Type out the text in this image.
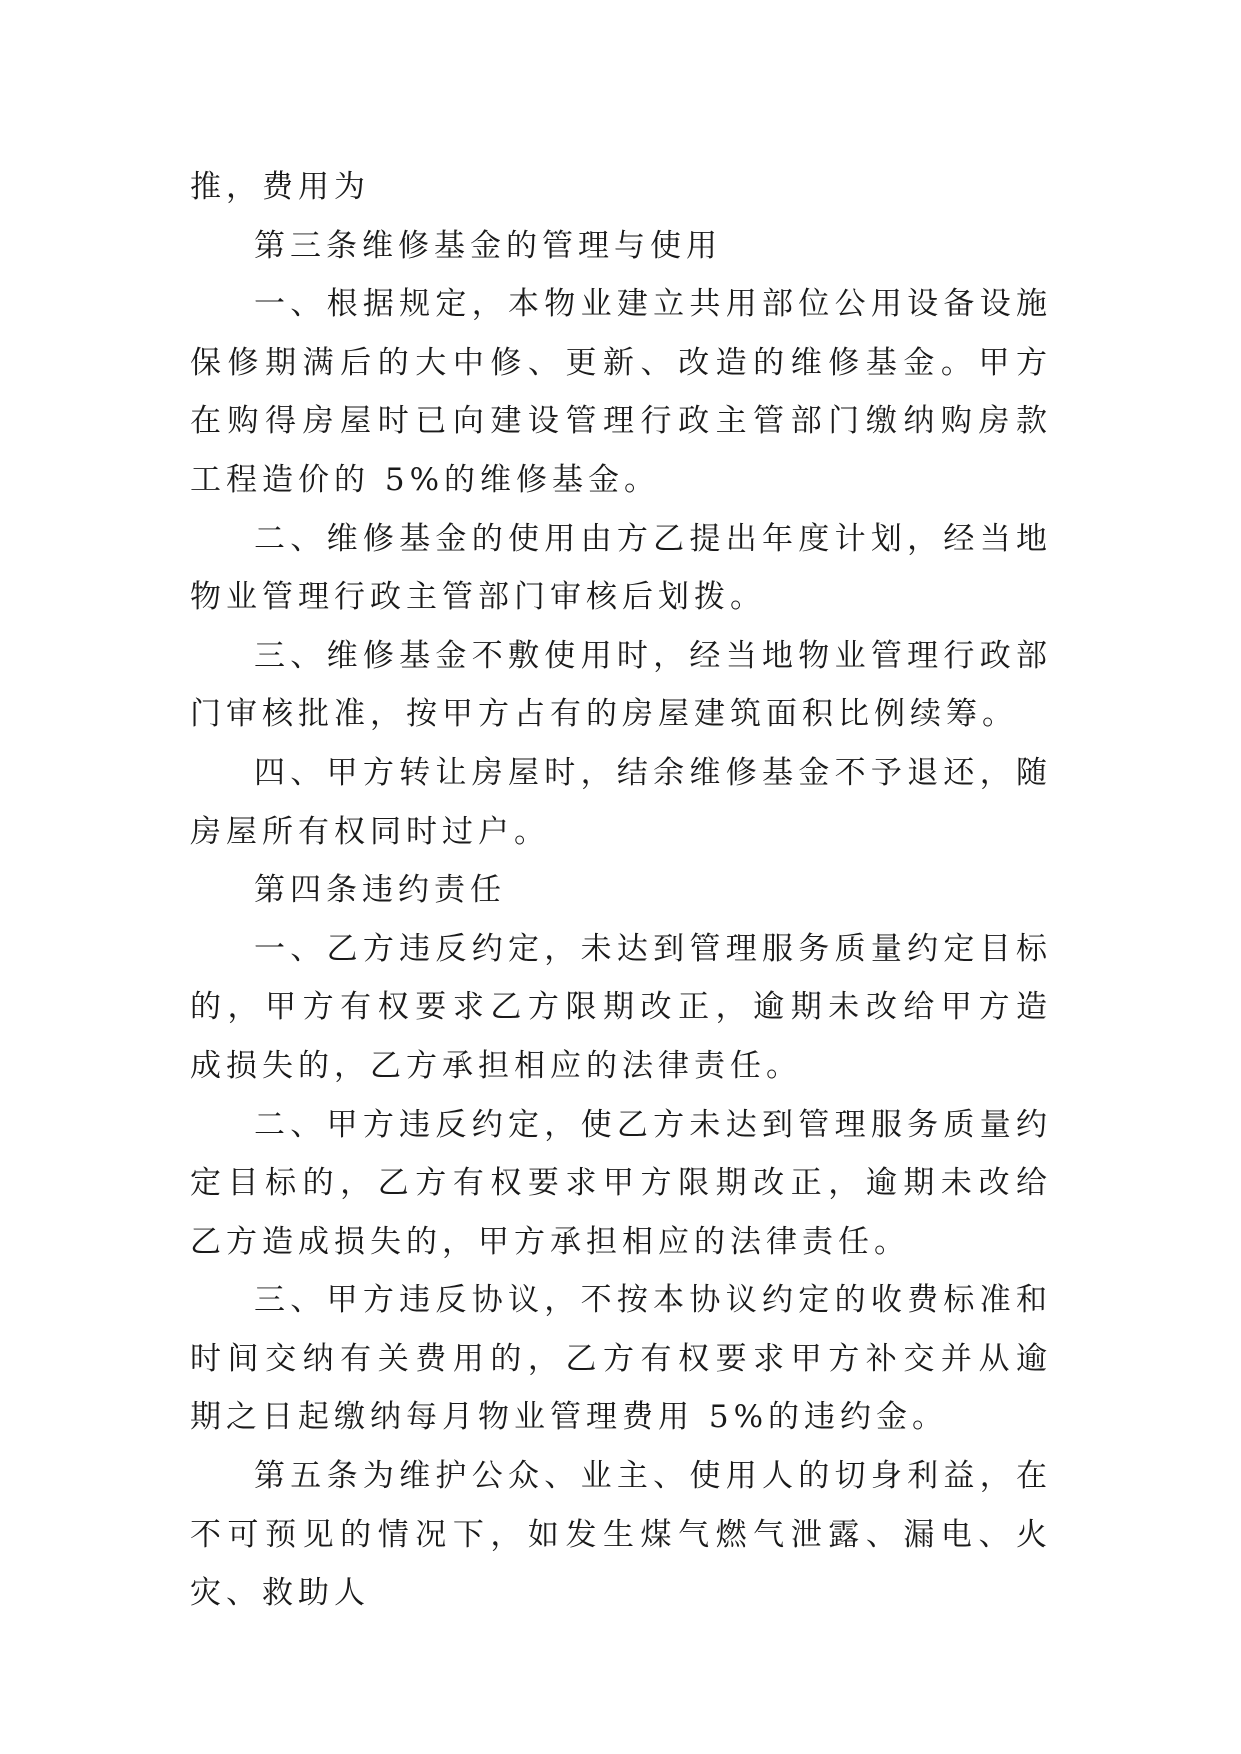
推，费用为

第三条维修基金的管理与使用

一、根据规定，本物业建立共用部位公用设备设施保修期满后的大中修、更新、改造的维修基金。甲方在购得房屋时已向建设管理行政主管部门缴纳购房款工程造价的 5%的维修基金。

二、维修基金的使用由方乙提出年度计划，经当地物业管理行政主管部门审核后划拨。

三、维修基金不敷使用时，经当地物业管理行政部门审核批准，按甲方占有的房屋建筑面积比例续筹。

四、甲方转让房屋时，结余维修基金不予退还，随房屋所有权同时过户。

第四条违约责任

一、乙方违反约定，未达到管理服务质量约定目标的，甲方有权要求乙方限期改正，逾期未改给甲方造成损失的，乙方承担相应的法律责任。

二、甲方违反约定，使乙方未达到管理服务质量约定目标的，乙方有权要求甲方限期改正，逾期未改给乙方造成损失的，甲方承担相应的法律责任。

三、甲方违反协议，不按本协议约定的收费标准和时间交纳有关费用的，乙方有权要求甲方补交并从逾期之日起缴纳每月物业管理费用 5%的违约金。

第五条为维护公众、业主、使用人的切身利益，在不可预见的情况下，如发生煤气燃气泄露、漏电、火灾、救助人
